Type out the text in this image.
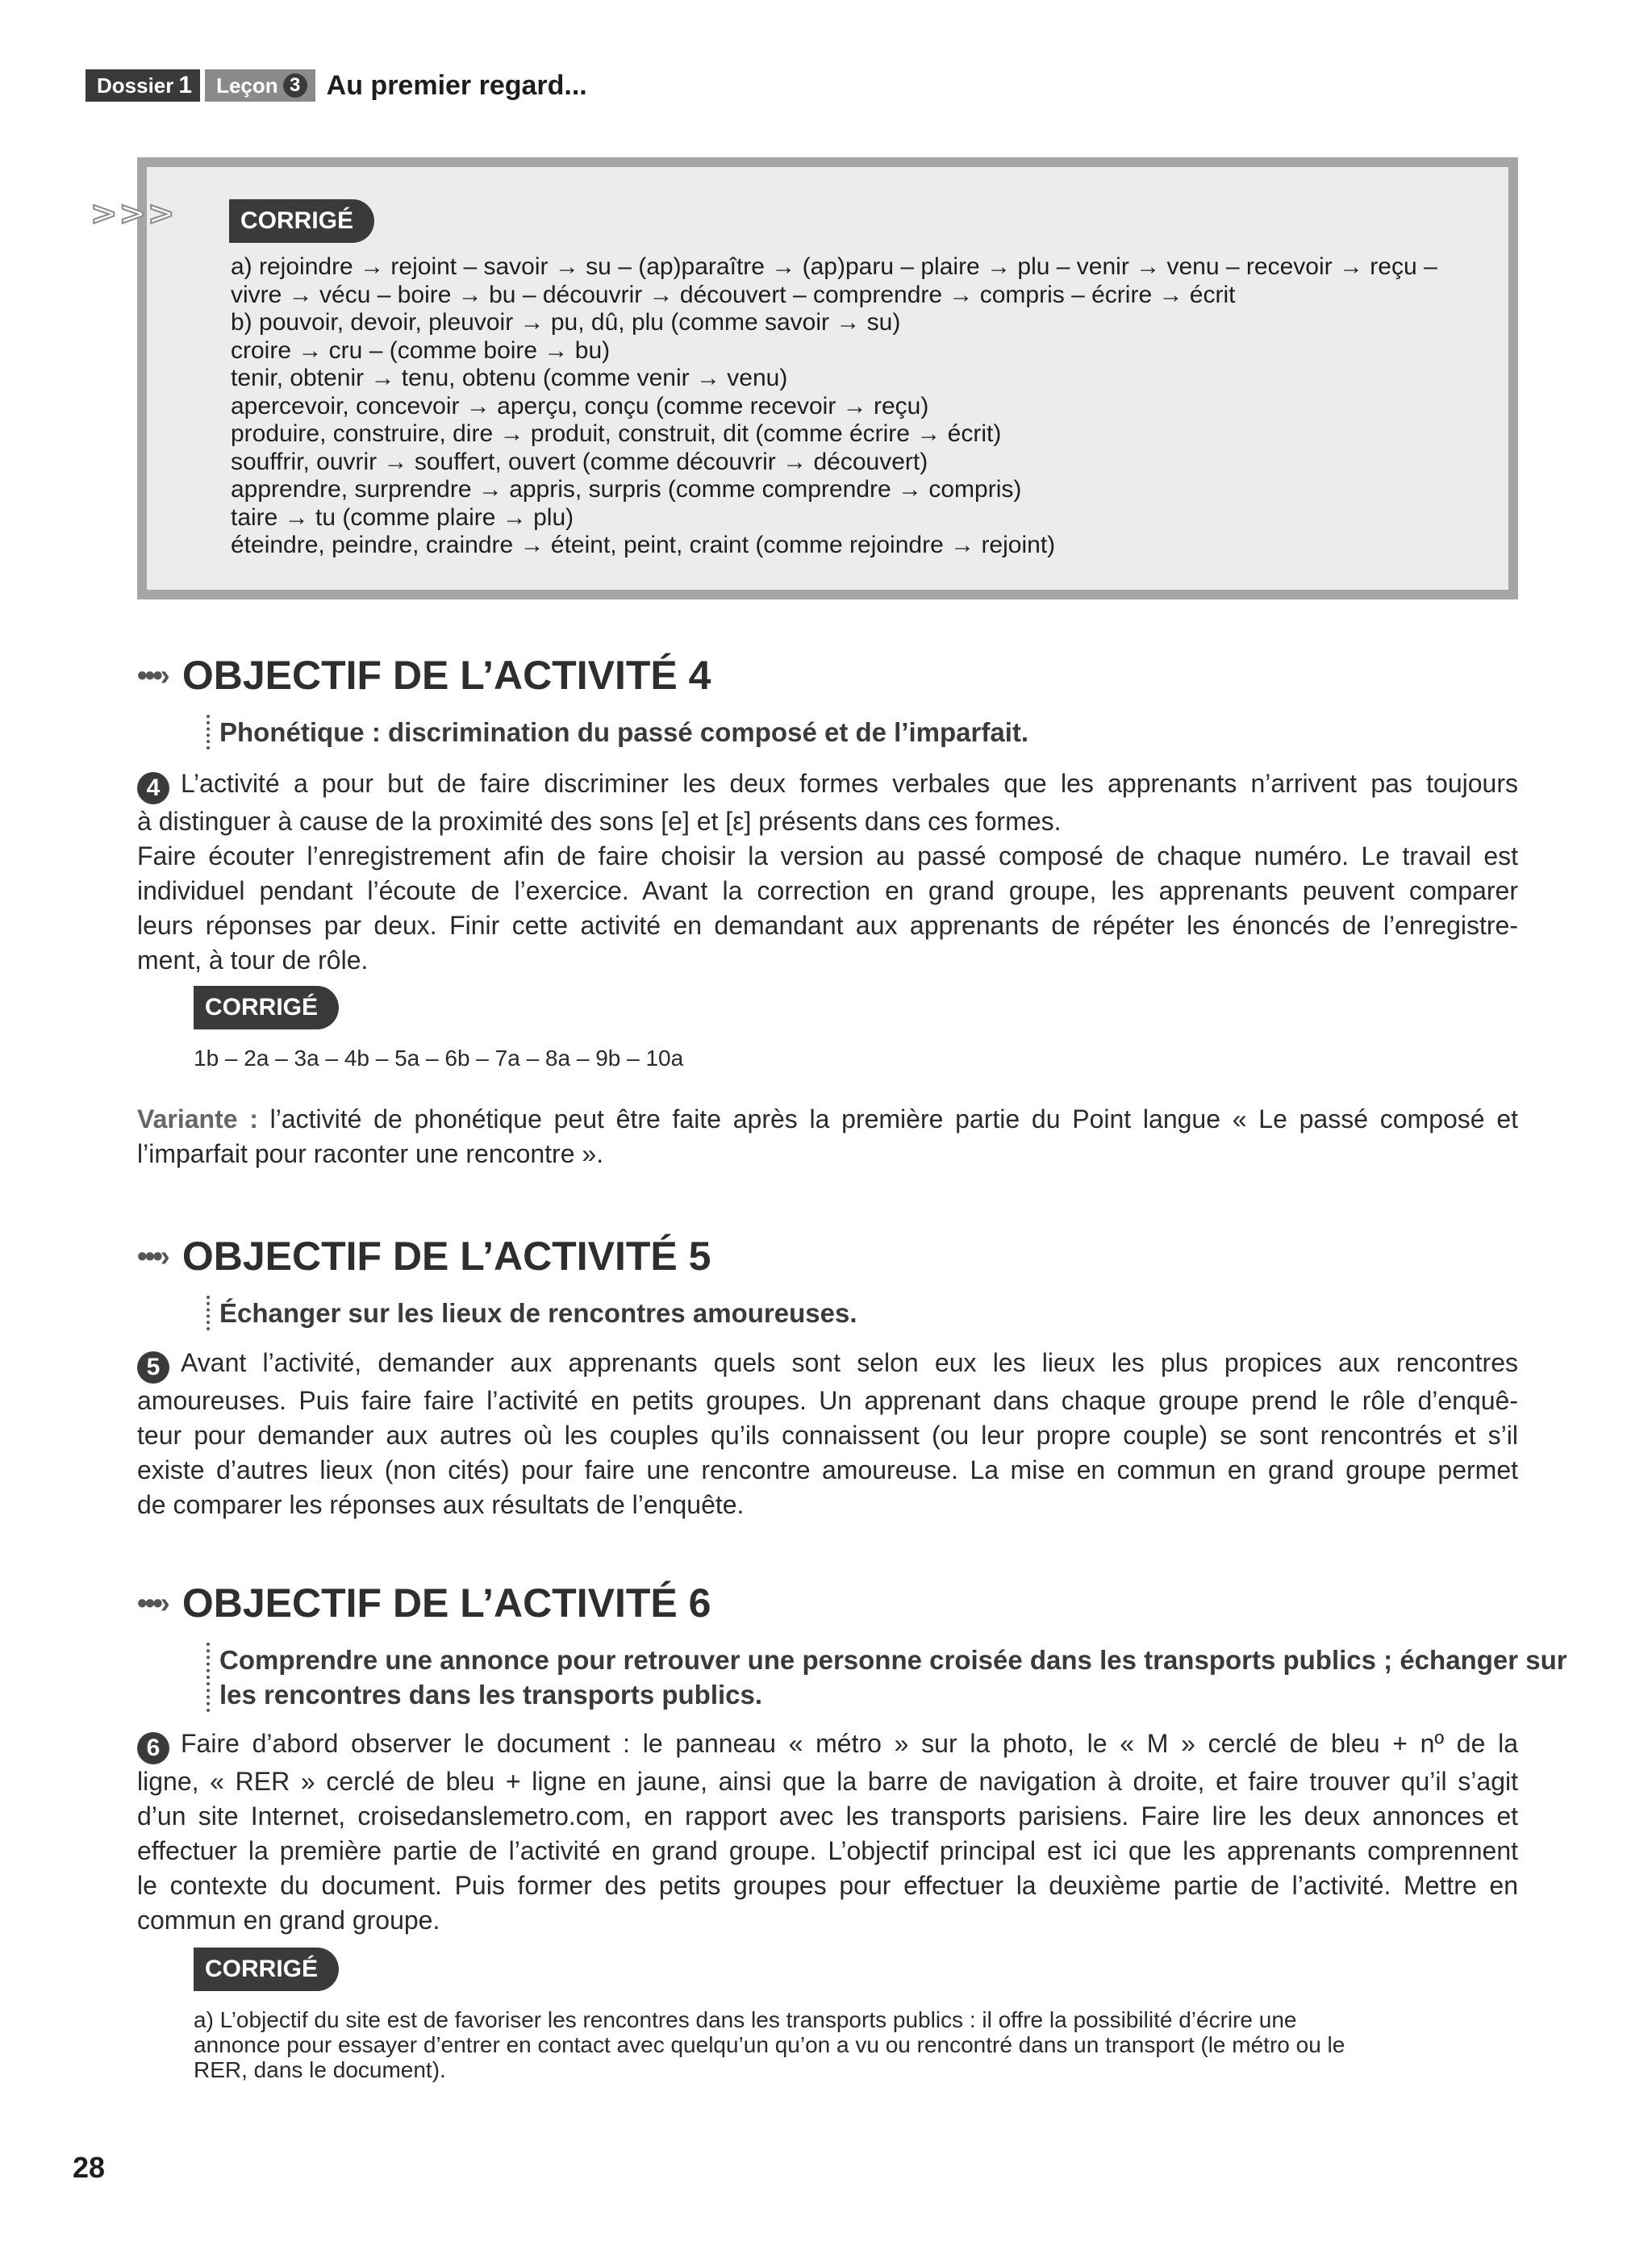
Dossier 1 Leçon 3 Au premier regard...
>>>	CORRIGÉ
a) rejoindre → rejoint – savoir → su – (ap)paraître → (ap)paru – plaire → plu – venir → venu – recevoir → reçu –
vivre → vécu – boire → bu – découvrir → découvert – comprendre → compris – écrire → écrit
b) pouvoir, devoir, pleuvoir → pu, dû, plu (comme savoir → su)
croire → cru – (comme boire → bu)
tenir, obtenir → tenu, obtenu (comme venir → venu)
apercevoir, concevoir → aperçu, conçu (comme recevoir → reçu)
produire, construire, dire → produit, construit, dit (comme écrire → écrit)
souffrir, ouvrir → souffert, ouvert (comme découvrir → découvert)
apprendre, surprendre → appris, surpris (comme comprendre → compris)
taire → tu (comme plaire → plu)
éteindre, peindre, craindre → éteint, peint, craint (comme rejoindre → rejoint)
•••› OBJECTIF DE L’ACTIVITÉ 4
Phonétique : discrimination du passé composé et de l’imparfait.
4 L’activité a pour but de faire discriminer les deux formes verbales que les apprenants n’arrivent pas toujours
à distinguer à cause de la proximité des sons [e] et [ε] présents dans ces formes.
Faire écouter l’enregistrement afin de faire choisir la version au passé composé de chaque numéro. Le travail est
individuel pendant l’écoute de l’exercice. Avant la correction en grand groupe, les apprenants peuvent comparer
leurs réponses par deux. Finir cette activité en demandant aux apprenants de répéter les énoncés de l’enregistre-
ment, à tour de rôle.
CORRIGÉ
1b – 2a – 3a – 4b – 5a – 6b – 7a – 8a – 9b – 10a
Variante : l’activité de phonétique peut être faite après la première partie du Point langue « Le passé composé et
l’imparfait pour raconter une rencontre ».
•••› OBJECTIF DE L’ACTIVITÉ 5
Échanger sur les lieux de rencontres amoureuses.
5 Avant l’activité, demander aux apprenants quels sont selon eux les lieux les plus propices aux rencontres
amoureuses. Puis faire faire l’activité en petits groupes. Un apprenant dans chaque groupe prend le rôle d’enquê-
teur pour demander aux autres où les couples qu’ils connaissent (ou leur propre couple) se sont rencontrés et s’il
existe d’autres lieux (non cités) pour faire une rencontre amoureuse. La mise en commun en grand groupe permet
de comparer les réponses aux résultats de l’enquête.
•••› OBJECTIF DE L’ACTIVITÉ 6
Comprendre une annonce pour retrouver une personne croisée dans les transports publics ; échanger sur
les rencontres dans les transports publics.
6 Faire d’abord observer le document : le panneau « métro » sur la photo, le « M » cerclé de bleu + nº de la
ligne, « RER » cerclé de bleu + ligne en jaune, ainsi que la barre de navigation à droite, et faire trouver qu’il s’agit
d’un site Internet, croisedanslemetro.com, en rapport avec les transports parisiens. Faire lire les deux annonces et
effectuer la première partie de l’activité en grand groupe. L’objectif principal est ici que les apprenants comprennent
le contexte du document. Puis former des petits groupes pour effectuer la deuxième partie de l’activité. Mettre en
commun en grand groupe.
CORRIGÉ
a) L’objectif du site est de favoriser les rencontres dans les transports publics : il offre la possibilité d’écrire une
annonce pour essayer d’entrer en contact avec quelqu’un qu’on a vu ou rencontré dans un transport (le métro ou le
RER, dans le document).
28
